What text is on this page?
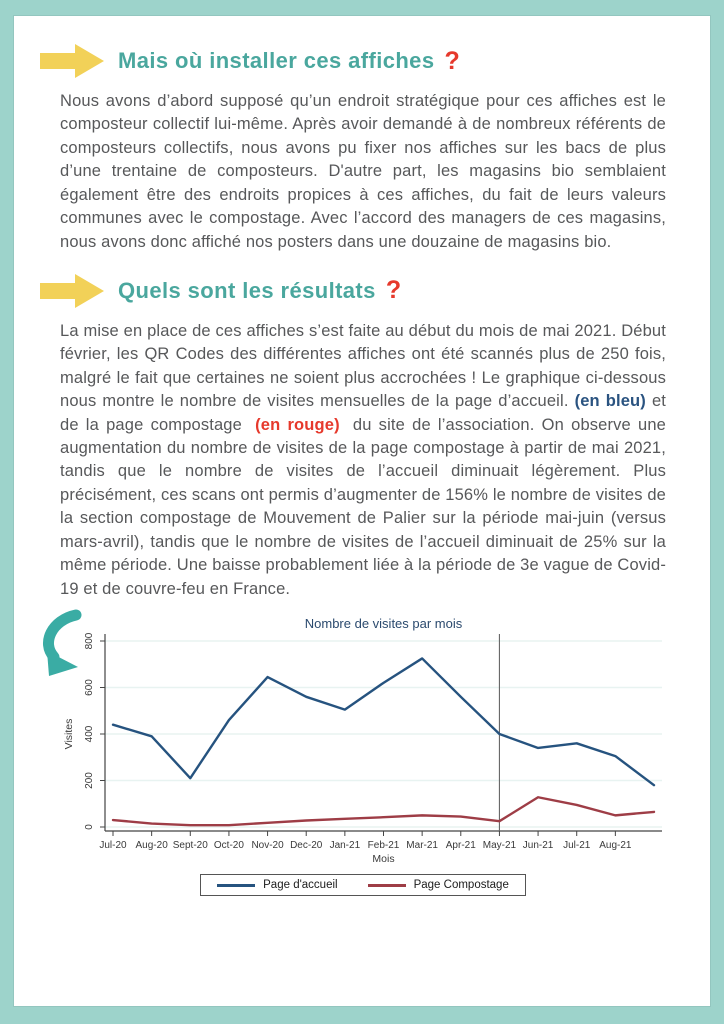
Mais où installer ces affiches ?

Nous avons d’abord supposé qu’un endroit stratégique pour ces affiches est le composteur collectif lui-même. Après avoir demandé à de nombreux référents de composteurs collectifs, nous avons pu fixer nos affiches sur les bacs de plus d’une trentaine de composteurs. D'autre part, les magasins bio semblaient également être des endroits propices à ces affiches, du fait de leurs valeurs communes avec le compostage. Avec l’accord des managers de ces magasins, nous avons donc affiché nos posters dans une douzaine de magasins bio.

Quels sont les résultats ?

La mise en place de ces affiches s’est faite au début du mois de mai 2021. Début février, les QR Codes des différentes affiches ont été scannés plus de 250 fois, malgré le fait que certaines ne soient plus accrochées ! Le graphique ci-dessous nous montre le nombre de visites mensuelles de la page d’accueil. (en bleu) et de la page compostage (en rouge) du site de l’association. On observe une augmentation du nombre de visites de la page compostage à partir de mai 2021, tandis que le nombre de visites de l’accueil diminuait légèrement. Plus précisément, ces scans ont permis d’augmenter de 156% le nombre de visites de la section compostage de Mouvement de Palier sur la période mai-juin (versus mars-avril), tandis que le nombre de visites de l’accueil diminuait de 25% sur la même période. Une baisse probablement liée à la période de 3e vague de Covid-19 et de couvre-feu en France.

0
200
400
600
800
Jul-20 Aug-20 Sept-20 Oct-20 Nov-20 Dec-20 Jan-21 Feb-21 Mar-21 Apr-21 May-21 Jun-21 Jul-21 Aug-21
Nombre de visites par mois
Mois
Visites
Page d'accueil	Page Compostage
